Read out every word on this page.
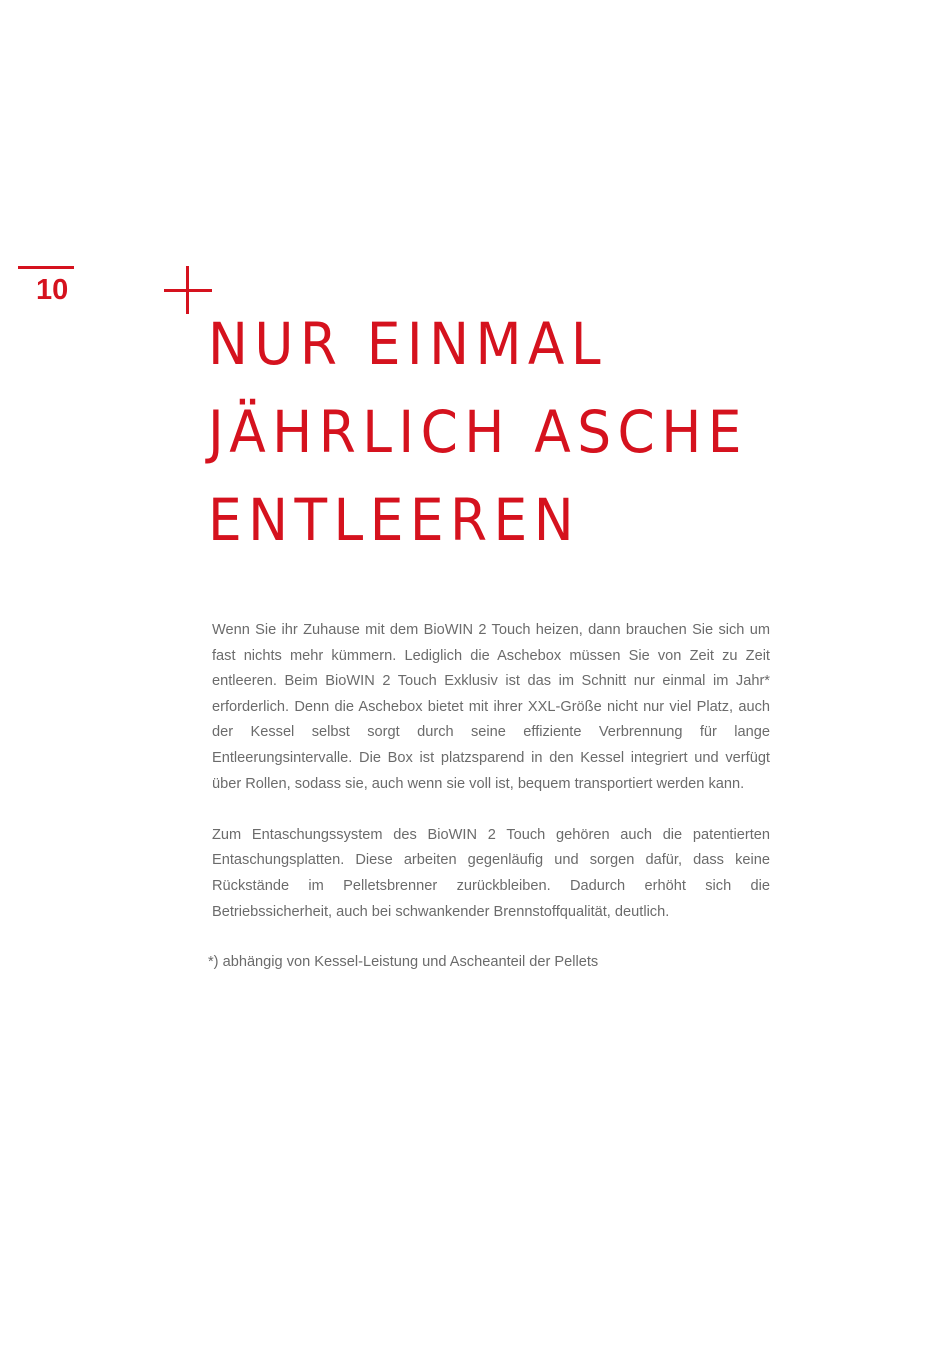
10
NUR EINMAL
JÄHRLICH ASCHE
ENTLEEREN

Wenn Sie ihr Zuhause mit dem BioWIN 2 Touch heizen, dann brauchen Sie sich um fast nichts mehr kümmern. Lediglich die Aschebox müssen Sie von Zeit zu Zeit entleeren. Beim BioWIN 2 Touch Exklusiv ist das im Schnitt nur einmal im Jahr* erforderlich. Denn die Aschebox bietet mit ihrer XXL-Größe nicht nur viel Platz, auch der Kessel selbst sorgt durch seine effiziente Verbrennung für lange Entleerungsintervalle. Die Box ist platzsparend in den Kessel integriert und verfügt über Rollen, sodass sie, auch wenn sie voll ist, bequem transportiert werden kann.

Zum Entaschungssystem des BioWIN 2 Touch gehören auch die patentierten Entaschungsplatten. Diese arbeiten gegenläufig und sorgen dafür, dass keine Rückstände im Pelletsbrenner zurückbleiben. Dadurch erhöht sich die Betriebssicherheit, auch bei schwankender Brennstoffqualität, deutlich.

*) abhängig von Kessel-Leistung und Ascheanteil der Pellets
